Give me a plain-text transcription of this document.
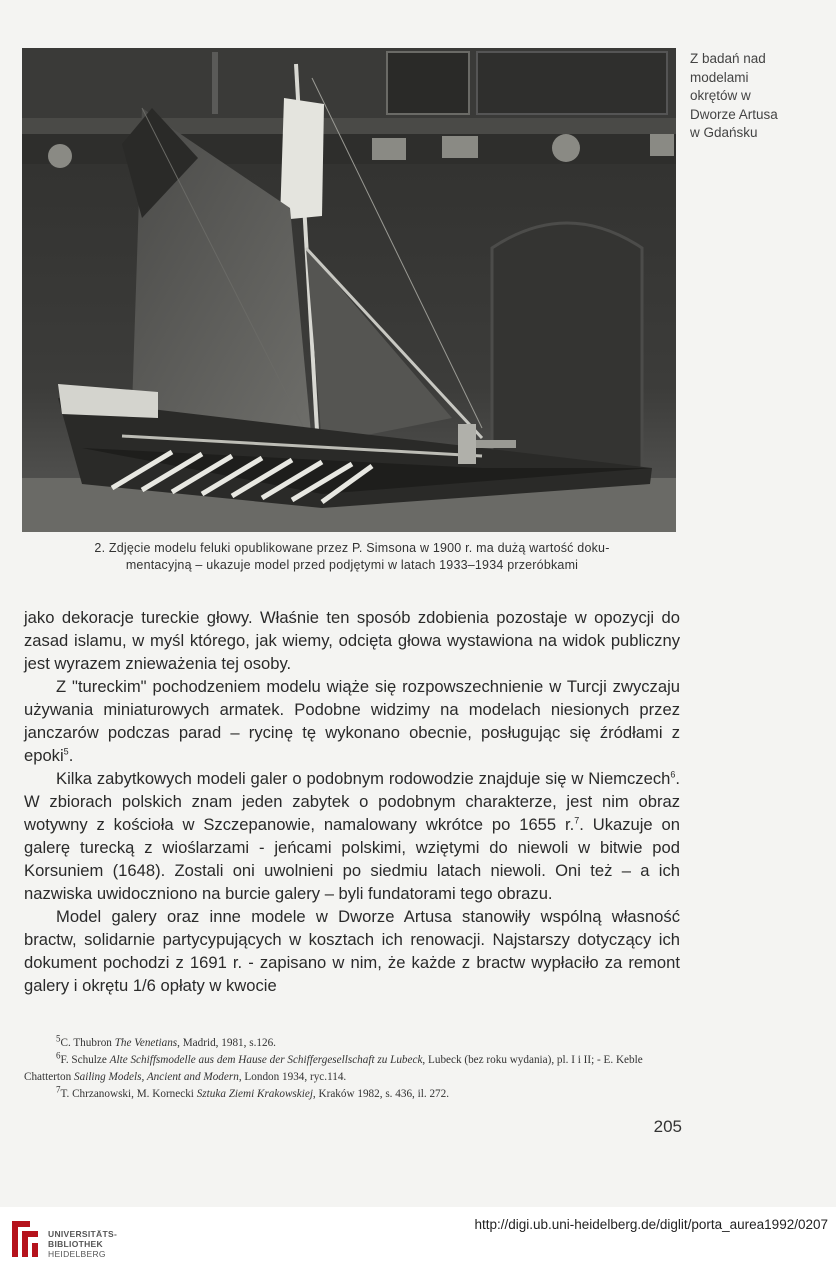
2. Zdjęcie modelu feluki opublikowane przez P. Simsona w 1900 r. ma dużą wartość doku-
mentacyjną – ukazuje model przed podjętymi w latach 1933–1934 przeróbkami
Z badań nad
modelami
okrętów w
Dworze Artusa
w Gdańsku

jako dekoracje tureckie głowy. Właśnie ten sposób zdobienia pozostaje w opozycji do zasad islamu, w myśl którego, jak wiemy, odcięta głowa wystawiona na widok publiczny jest wyrazem znieważenia tej osoby.

Z "tureckim" pochodzeniem modelu wiąże się rozpowszechnienie w Turcji zwyczaju używania miniaturowych armatek. Podobne widzimy na modelach niesionych przez janczarów podczas parad – rycinę tę wykonano obecnie, posługując się źródłami z epoki$^5$.

Kilka zabytkowych modeli galer o podobnym rodowodzie znajduje się w Niemczech$^6$. W zbiorach polskich znam jeden zabytek o podobnym charakterze, jest nim obraz wotywny z kościoła w Szczepanowie, namalowany wkrótce po 1655 r.$^7$. Ukazuje on galerę turecką z wioślarzami - jeńcami polskimi, wziętymi do niewoli w bitwie pod Korsuniem (1648). Zostali oni uwolnieni po siedmiu latach niewoli. Oni też – a ich nazwiska uwidoczniono na burcie galery – byli fundatorami tego obrazu.

Model galery oraz inne modele w Dworze Artusa stanowiły wspólną własność bractw, solidarnie partycypujących w kosztach ich renowacji. Najstarszy dotyczący ich dokument pochodzi z 1691 r. - zapisano w nim, że każde z bractw wypłaciło za remont galery i okrętu 1/6 opłaty w kwocie

$^5$C. Thubron The Venetians, Madrid, 1981, s.126.

$^6$F. Schulze Alte Schiffsmodelle aus dem Hause der Schiffergesellschaft zu Lubeck, Lubeck (bez roku wydania), pl. I i II; - E. Keble Chatterton Sailing Models, Ancient and Modern, London 1934, ryc.114.

$^7$T. Chrzanowski, M. Kornecki Sztuka Ziemi Krakowskiej, Kraków 1982, s. 436, il. 272.

205
UNIVERSITÄTS-
BIBLIOTHEK
HEIDELBERG
http://digi.ub.uni-heidelberg.de/diglit/porta_aurea1992/0207
